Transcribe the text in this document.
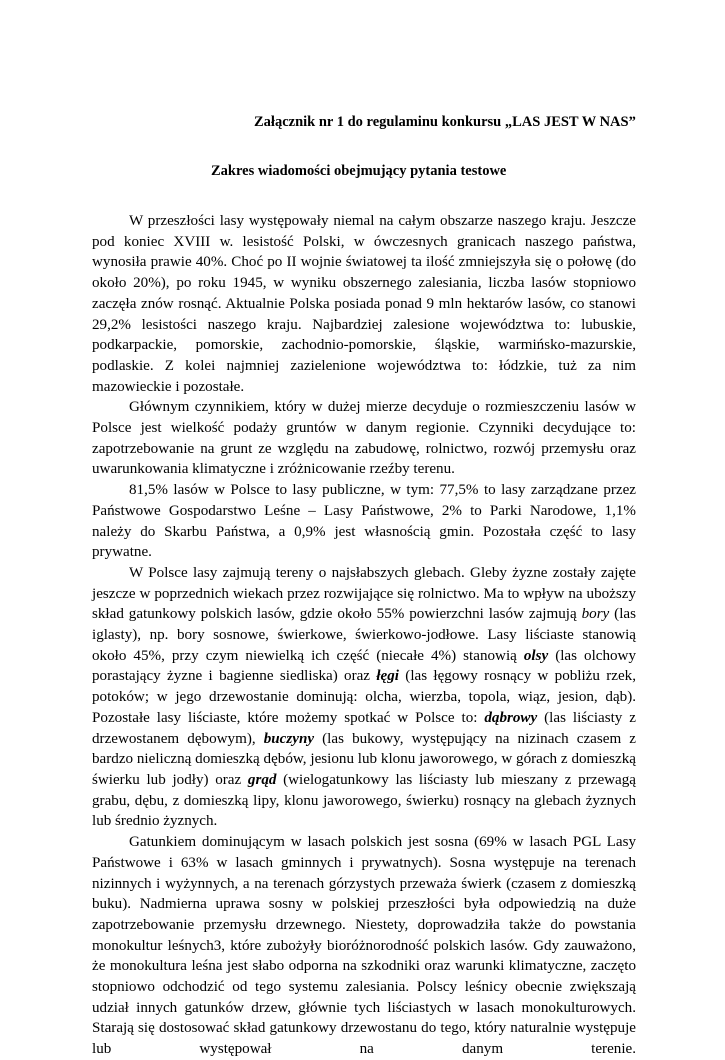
Załącznik nr 1 do regulaminu konkursu „LAS JEST W NAS”
Zakres wiadomości obejmujący pytania testowe

W przeszłości lasy występowały niemal na całym obszarze naszego kraju. Jeszcze pod koniec XVIII w. lesistość Polski, w ówczesnych granicach naszego państwa, wynosiła prawie 40%. Choć po II wojnie światowej ta ilość zmniejszyła się o połowę (do około 20%), po roku 1945, w wyniku obszernego zalesiania, liczba lasów stopniowo zaczęła znów rosnąć. Aktualnie Polska posiada ponad 9 mln hektarów lasów, co stanowi 29,2% lesistości naszego kraju. Najbardziej zalesione województwa to: lubuskie, podkarpackie, pomorskie, zachodnio-pomorskie, śląskie, warmińsko-mazurskie, podlaskie. Z kolei najmniej zazielenione województwa to: łódzkie, tuż za nim mazowieckie i pozostałe.

Głównym czynnikiem, który w dużej mierze decyduje o rozmieszczeniu lasów w Polsce jest wielkość podaży gruntów w danym regionie. Czynniki decydujące to: zapotrzebowanie na grunt ze względu na zabudowę, rolnictwo, rozwój przemysłu oraz uwarunkowania klimatyczne i zróżnicowanie rzeźby terenu.

81,5% lasów w Polsce to lasy publiczne, w tym: 77,5% to lasy zarządzane przez Państwowe Gospodarstwo Leśne – Lasy Państwowe, 2% to Parki Narodowe, 1,1% należy do Skarbu Państwa, a 0,9% jest własnością gmin. Pozostała część to lasy prywatne.

W Polsce lasy zajmują tereny o najsłabszych glebach. Gleby żyzne zostały zajęte jeszcze w poprzednich wiekach przez rozwijające się rolnictwo. Ma to wpływ na uboższy skład gatunkowy polskich lasów, gdzie około 55% powierzchni lasów zajmują bory (las iglasty), np. bory sosnowe, świerkowe, świerkowo-jodłowe. Lasy liściaste stanowią około 45%, przy czym niewielką ich część (niecałe 4%) stanowią olsy (las olchowy porastający żyzne i bagienne siedliska) oraz łęgi (las łęgowy rosnący w pobliżu rzek, potoków; w jego drzewostanie dominują: olcha, wierzba, topola, wiąz, jesion, dąb). Pozostałe lasy liściaste, które możemy spotkać w Polsce to: dąbrowy (las liściasty z drzewostanem dębowym), buczyny (las bukowy, występujący na nizinach czasem z bardzo nieliczną domieszką dębów, jesionu lub klonu jaworowego, w górach z domieszką świerku lub jodły) oraz grąd (wielogatunkowy las liściasty lub mieszany z przewagą grabu, dębu, z domieszką lipy, klonu jaworowego, świerku) rosnący na glebach żyznych lub średnio żyznych.

Gatunkiem dominującym w lasach polskich jest sosna (69% w lasach PGL Lasy Państwowe i 63% w lasach gminnych i prywatnych). Sosna występuje na terenach nizinnych i wyżynnych, a na terenach górzystych przeważa świerk (czasem z domieszką buku). Nadmierna uprawa sosny w polskiej przeszłości była odpowiedzią na duże zapotrzebowanie przemysłu drzewnego. Niestety, doprowadziła także do powstania monokultur leśnych3, które zubożyły bioróżnorodność polskich lasów. Gdy zauważono, że monokultura leśna jest słabo odporna na szkodniki oraz warunki klimatyczne, zaczęto stopniowo odchodzić od tego systemu zalesiania. Polscy leśnicy obecnie zwiększają udział innych gatunków drzew, głównie tych liściastych w lasach monokulturowych. Starają się dostosować skład gatunkowy drzewostanu do tego, który naturalnie występuje lub występował na danym terenie.
